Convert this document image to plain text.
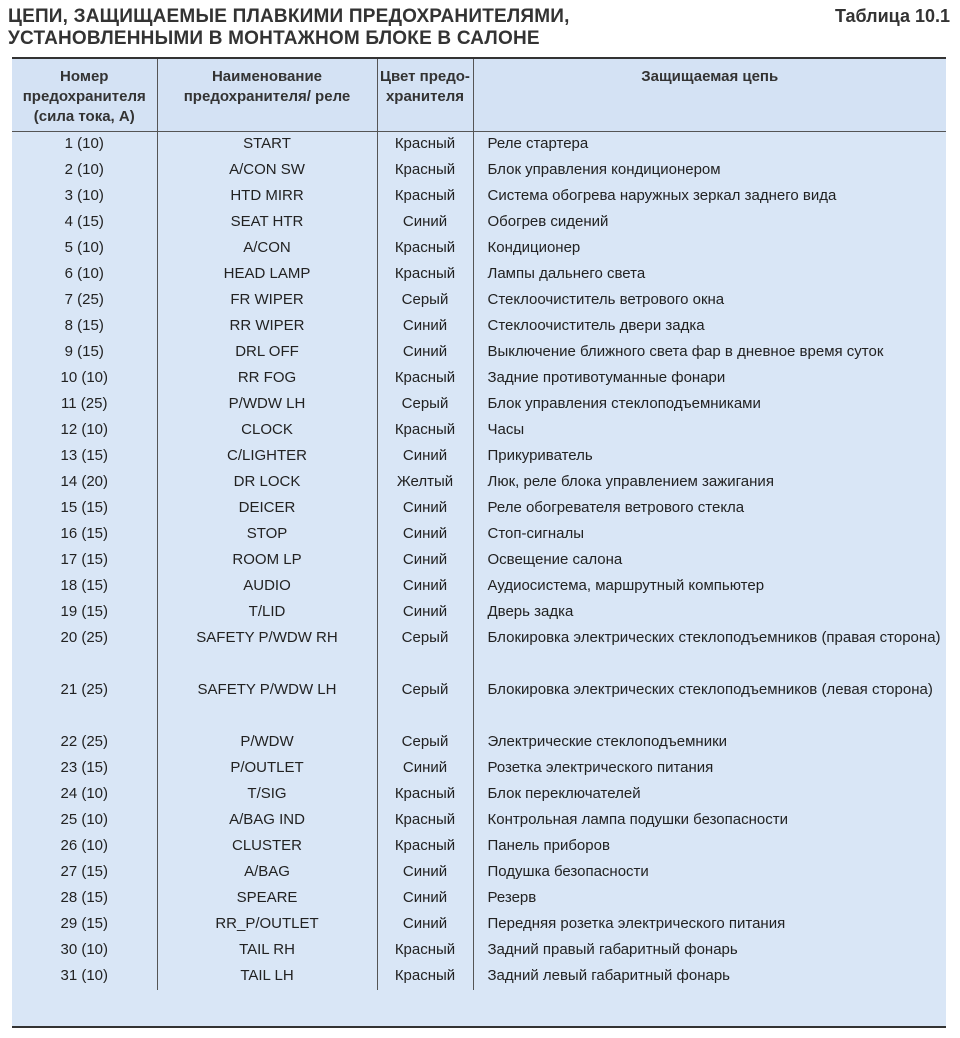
ЦЕПИ, ЗАЩИЩАЕМЫЕ ПЛАВКИМИ ПРЕДОХРАНИТЕЛЯМИ,
УСТАНОВЛЕННЫМИ В МОНТАЖНОМ БЛОКЕ В САЛОНЕ
Таблица 10.1
Номер предохранителя (сила тока, А)	Наименование предохранителя/ реле	Цвет предо- хранителя	Защищаемая цепь
1 (10)	START	Красный	Реле стартера
2 (10)	A/CON SW	Красный	Блок управления кондиционером
3 (10)	HTD MIRR	Красный	Система обогрева наружных зеркал заднего вида
4 (15)	SEAT HTR	Синий	Обогрев сидений
5 (10)	A/CON	Красный	Кондиционер
6 (10)	HEAD LAMP	Красный	Лампы дальнего света
7 (25)	FR WIPER	Серый	Стеклоочиститель ветрового окна
8 (15)	RR WIPER	Синий	Стеклоочиститель двери задка
9 (15)	DRL OFF	Синий	Выключение ближного света фар в дневное время суток
10 (10)	RR FOG	Красный	Задние противотуманные фонари
11 (25)	P/WDW LH	Серый	Блок управления стеклоподъемниками
12 (10)	CLOCK	Красный	Часы
13 (15)	C/LIGHTER	Синий	Прикуриватель
14 (20)	DR LOCK	Желтый	Люк, реле блока управлением зажигания
15 (15)	DEICER	Синий	Реле обогревателя ветрового стекла
16 (15)	STOP	Синий	Стоп-сигналы
17 (15)	ROOM LP	Синий	Освещение салона
18 (15)	AUDIO	Синий	Аудиосистема, маршрутный компьютер
19 (15)	T/LID	Синий	Дверь задка
20 (25)	SAFETY P/WDW RH	Серый	Блокировка электрических стеклоподъемников (правая сторона)
21 (25)	SAFETY P/WDW LH	Серый	Блокировка электрических стеклоподъемников (левая сторона)
22 (25)	P/WDW	Серый	Электрические стеклоподъемники
23 (15)	P/OUTLET	Синий	Розетка электрического питания
24 (10)	T/SIG	Красный	Блок переключателей
25 (10)	A/BAG IND	Красный	Контрольная лампа подушки безопасности
26 (10)	CLUSTER	Красный	Панель приборов
27 (15)	A/BAG	Синий	Подушка безопасности
28 (15)	SPEARE	Синий	Резерв
29 (15)	RR_P/OUTLET	Синий	Передняя розетка электрического питания
30 (10)	TAIL RH	Красный	Задний правый габаритный фонарь
31 (10)	TAIL LH	Красный	Задний левый габаритный фонарь
